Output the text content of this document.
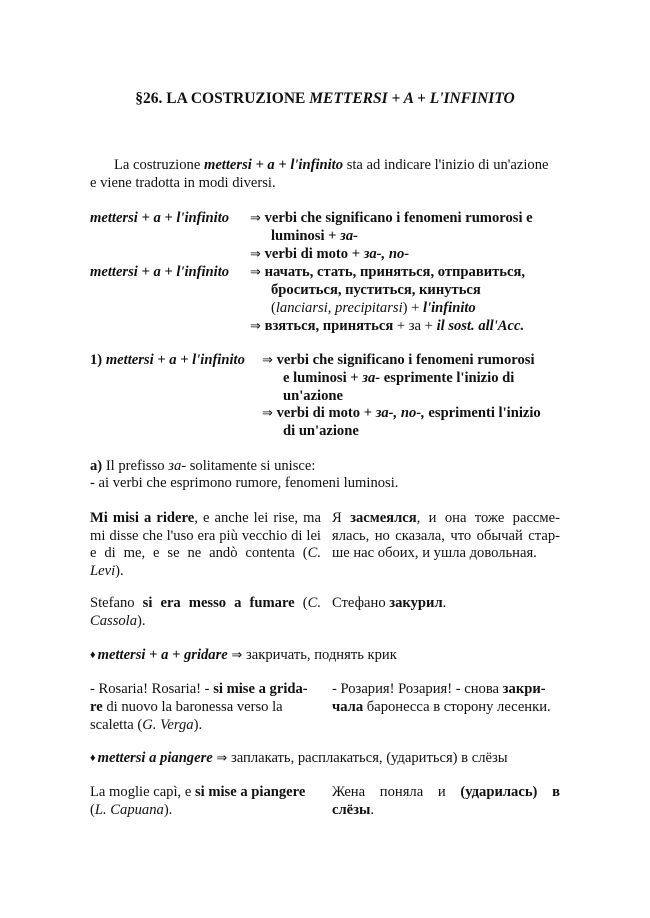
§26. LA COSTRUZIONE METTERSI + A + L'INFINITO
La costruzione mettersi + a + l'infinito sta ad indicare l'inizio di un'azione
e viene tradotta in modi diversi.
mettersi + a + l'infinito ⇒ verbi che significano i fenomeni rumorosi e
luminosi + за-
⇒ verbi di moto + за-, по-
mettersi + a + l'infinito ⇒ начать, стать, приняться, отправиться,
броситься, пуститься, кинуться
(lanciarsi, precipitarsi) + l'infinito
⇒ взяться, приняться + за + il sost. all'Acc.
1) mettersi + a + l'infinito ⇒ verbi che significano i fenomeni rumorosi
e luminosi + за- esprimente l'inizio di
un'azione
⇒ verbi di moto + за-, по-, esprimenti l'inizio
di un'azione
a) Il prefisso за- solitamente si unisce:
- ai verbi che esprimono rumore, fenomeni luminosi.
Mi misi a ridere, e anche lei rise, ma mi disse che l'uso era più vecchio di lei e di me, e se ne andò contenta (C. Levi).
Я засмеялся, и она тоже рассмеялась, но сказала, что обычай старше нас обоих, и ушла довольная.
Stefano si era messo a fumare (C. Cassola).
Стефано закурил.
♦ mettersi + a + gridare ⇒ закричать, поднять крик
- Rosaria! Rosaria! - si mise a grida-
re di nuovo la baronessa verso la
scaletta (G. Verga).
- Розария! Розария! - снова закри-
чала баронесса в сторону лесенки.
♦ mettersi a piangere ⇒ заплакать, расплакаться, (удариться) в слёзы
La moglie capì, e si mise a piangere
(L. Capuana).
Жена поняла и (ударилась) в слёзы.
